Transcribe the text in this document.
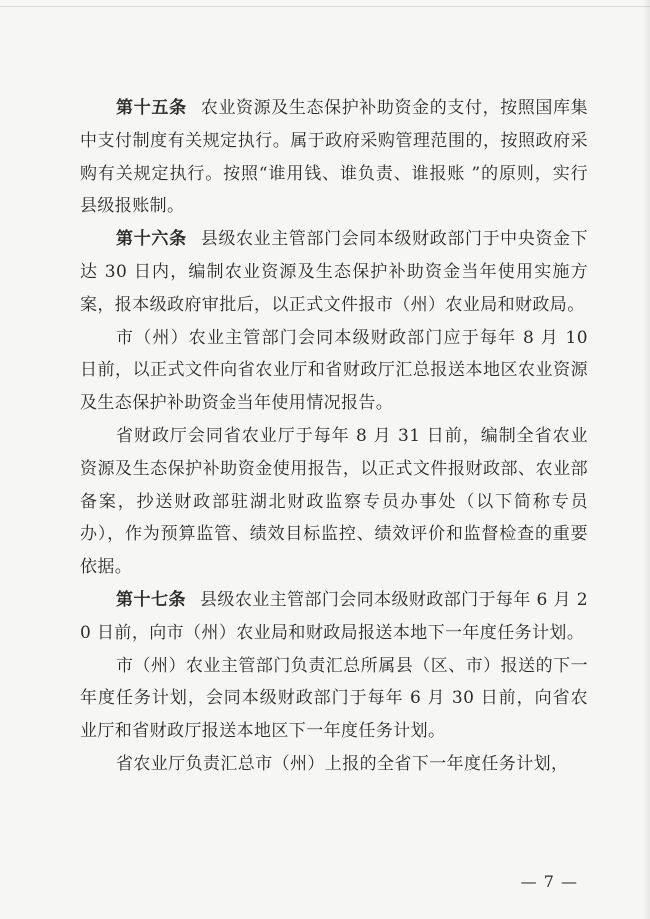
第十五条 农业资源及生态保护补助资金的支付，按照国库集中支付制度有关规定执行。属于政府采购管理范围的，按照政府采购有关规定执行。按照“谁用钱、谁负责、谁报账 ”的原则，实行县级报账制。

第十六条 县级农业主管部门会同本级财政部门于中央资金下达 30 日内，编制农业资源及生态保护补助资金当年使用实施方案，报本级政府审批后，以正式文件报市（州）农业局和财政局。

市（州）农业主管部门会同本级财政部门应于每年 8 月 10 日前，以正式文件向省农业厅和省财政厅汇总报送本地区农业资源及生态保护补助资金当年使用情况报告。

省财政厅会同省农业厅于每年 8 月 31 日前，编制全省农业资源及生态保护补助资金使用报告，以正式文件报财政部、农业部备案，抄送财政部驻湖北财政监察专员办事处（以下简称专员办），作为预算监管、绩效目标监控、绩效评价和监督检查的重要依据。

第十七条 县级农业主管部门会同本级财政部门于每年 6 月 20 日前，向市（州）农业局和财政局报送本地下一年度任务计划。

市（州）农业主管部门负责汇总所属县（区、市）报送的下一年度任务计划，会同本级财政部门于每年 6 月 30 日前，向省农业厅和省财政厅报送本地区下一年度任务计划。

省农业厅负责汇总市（州）上报的全省下一年度任务计划，

— 7 —
